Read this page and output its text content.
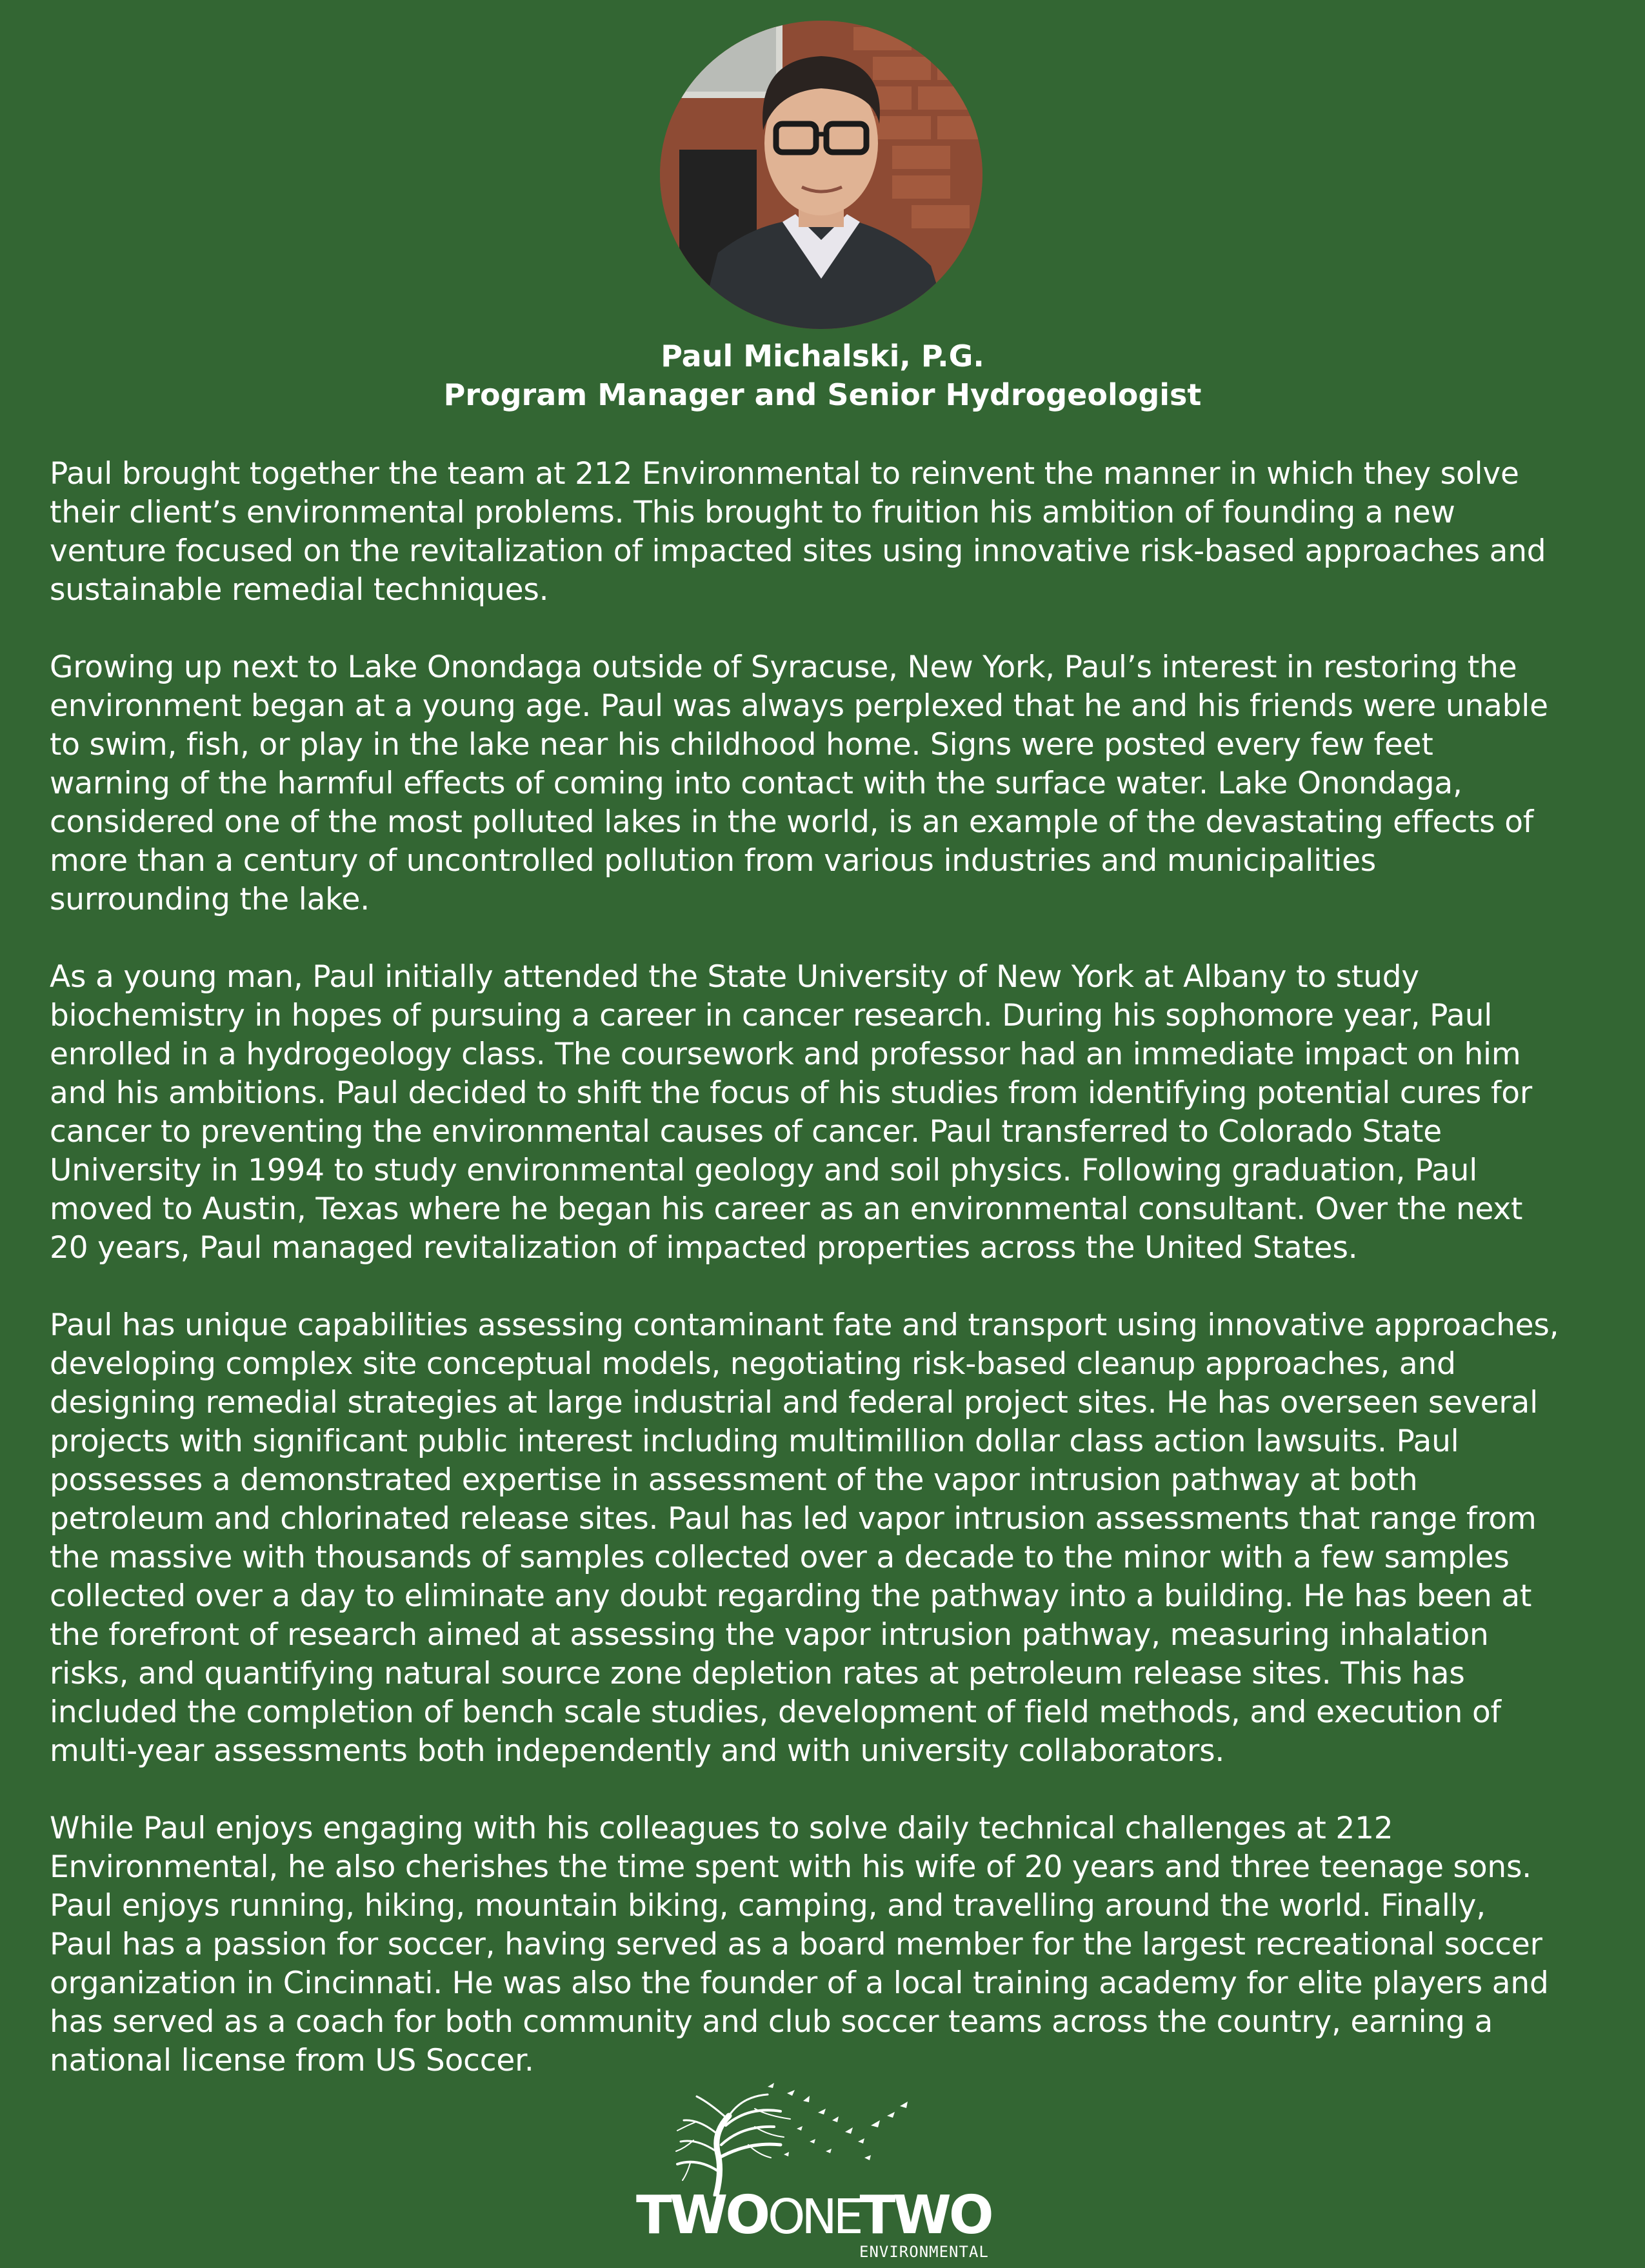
Paul Michalski, P.G.
Program Manager and Senior Hydrogeologist
Paul brought together the team at 212 Environmental to reinvent the manner in which they solve
their client’s environmental problems. This brought to fruition his ambition of founding a new
venture focused on the revitalization of impacted sites using innovative risk-based approaches and
sustainable remedial techniques.
Growing up next to Lake Onondaga outside of Syracuse, New York, Paul’s interest in restoring the
environment began at a young age. Paul was always perplexed that he and his friends were unable
to swim, fish, or play in the lake near his childhood home. Signs were posted every few feet
warning of the harmful effects of coming into contact with the surface water. Lake Onondaga,
considered one of the most polluted lakes in the world, is an example of the devastating effects of
more than a century of uncontrolled pollution from various industries and municipalities
surrounding the lake.
As a young man, Paul initially attended the State University of New York at Albany to study
biochemistry in hopes of pursuing a career in cancer research. During his sophomore year, Paul
enrolled in a hydrogeology class. The coursework and professor had an immediate impact on him
and his ambitions. Paul decided to shift the focus of his studies from identifying potential cures for
cancer to preventing the environmental causes of cancer. Paul transferred to Colorado State
University in 1994 to study environmental geology and soil physics. Following graduation, Paul
moved to Austin, Texas where he began his career as an environmental consultant. Over the next
20 years, Paul managed revitalization of impacted properties across the United States.
Paul has unique capabilities assessing contaminant fate and transport using innovative approaches,
developing complex site conceptual models, negotiating risk-based cleanup approaches, and
designing remedial strategies at large industrial and federal project sites. He has overseen several
projects with significant public interest including multimillion dollar class action lawsuits. Paul
possesses a demonstrated expertise in assessment of the vapor intrusion pathway at both
petroleum and chlorinated release sites. Paul has led vapor intrusion assessments that range from
the massive with thousands of samples collected over a decade to the minor with a few samples
collected over a day to eliminate any doubt regarding the pathway into a building. He has been at
the forefront of research aimed at assessing the vapor intrusion pathway, measuring inhalation
risks, and quantifying natural source zone depletion rates at petroleum release sites. This has
included the completion of bench scale studies, development of field methods, and execution of
multi-year assessments both independently and with university collaborators.
While Paul enjoys engaging with his colleagues to solve daily technical challenges at 212
Environmental, he also cherishes the time spent with his wife of 20 years and three teenage sons.
Paul enjoys running, hiking, mountain biking, camping, and travelling around the world. Finally,
Paul has a passion for soccer, having served as a board member for the largest recreational soccer
organization in Cincinnati. He was also the founder of a local training academy for elite players and
has served as a coach for both community and club soccer teams across the country, earning a
national license from US Soccer.
TWOONETWO
ENVIRONMENTAL
